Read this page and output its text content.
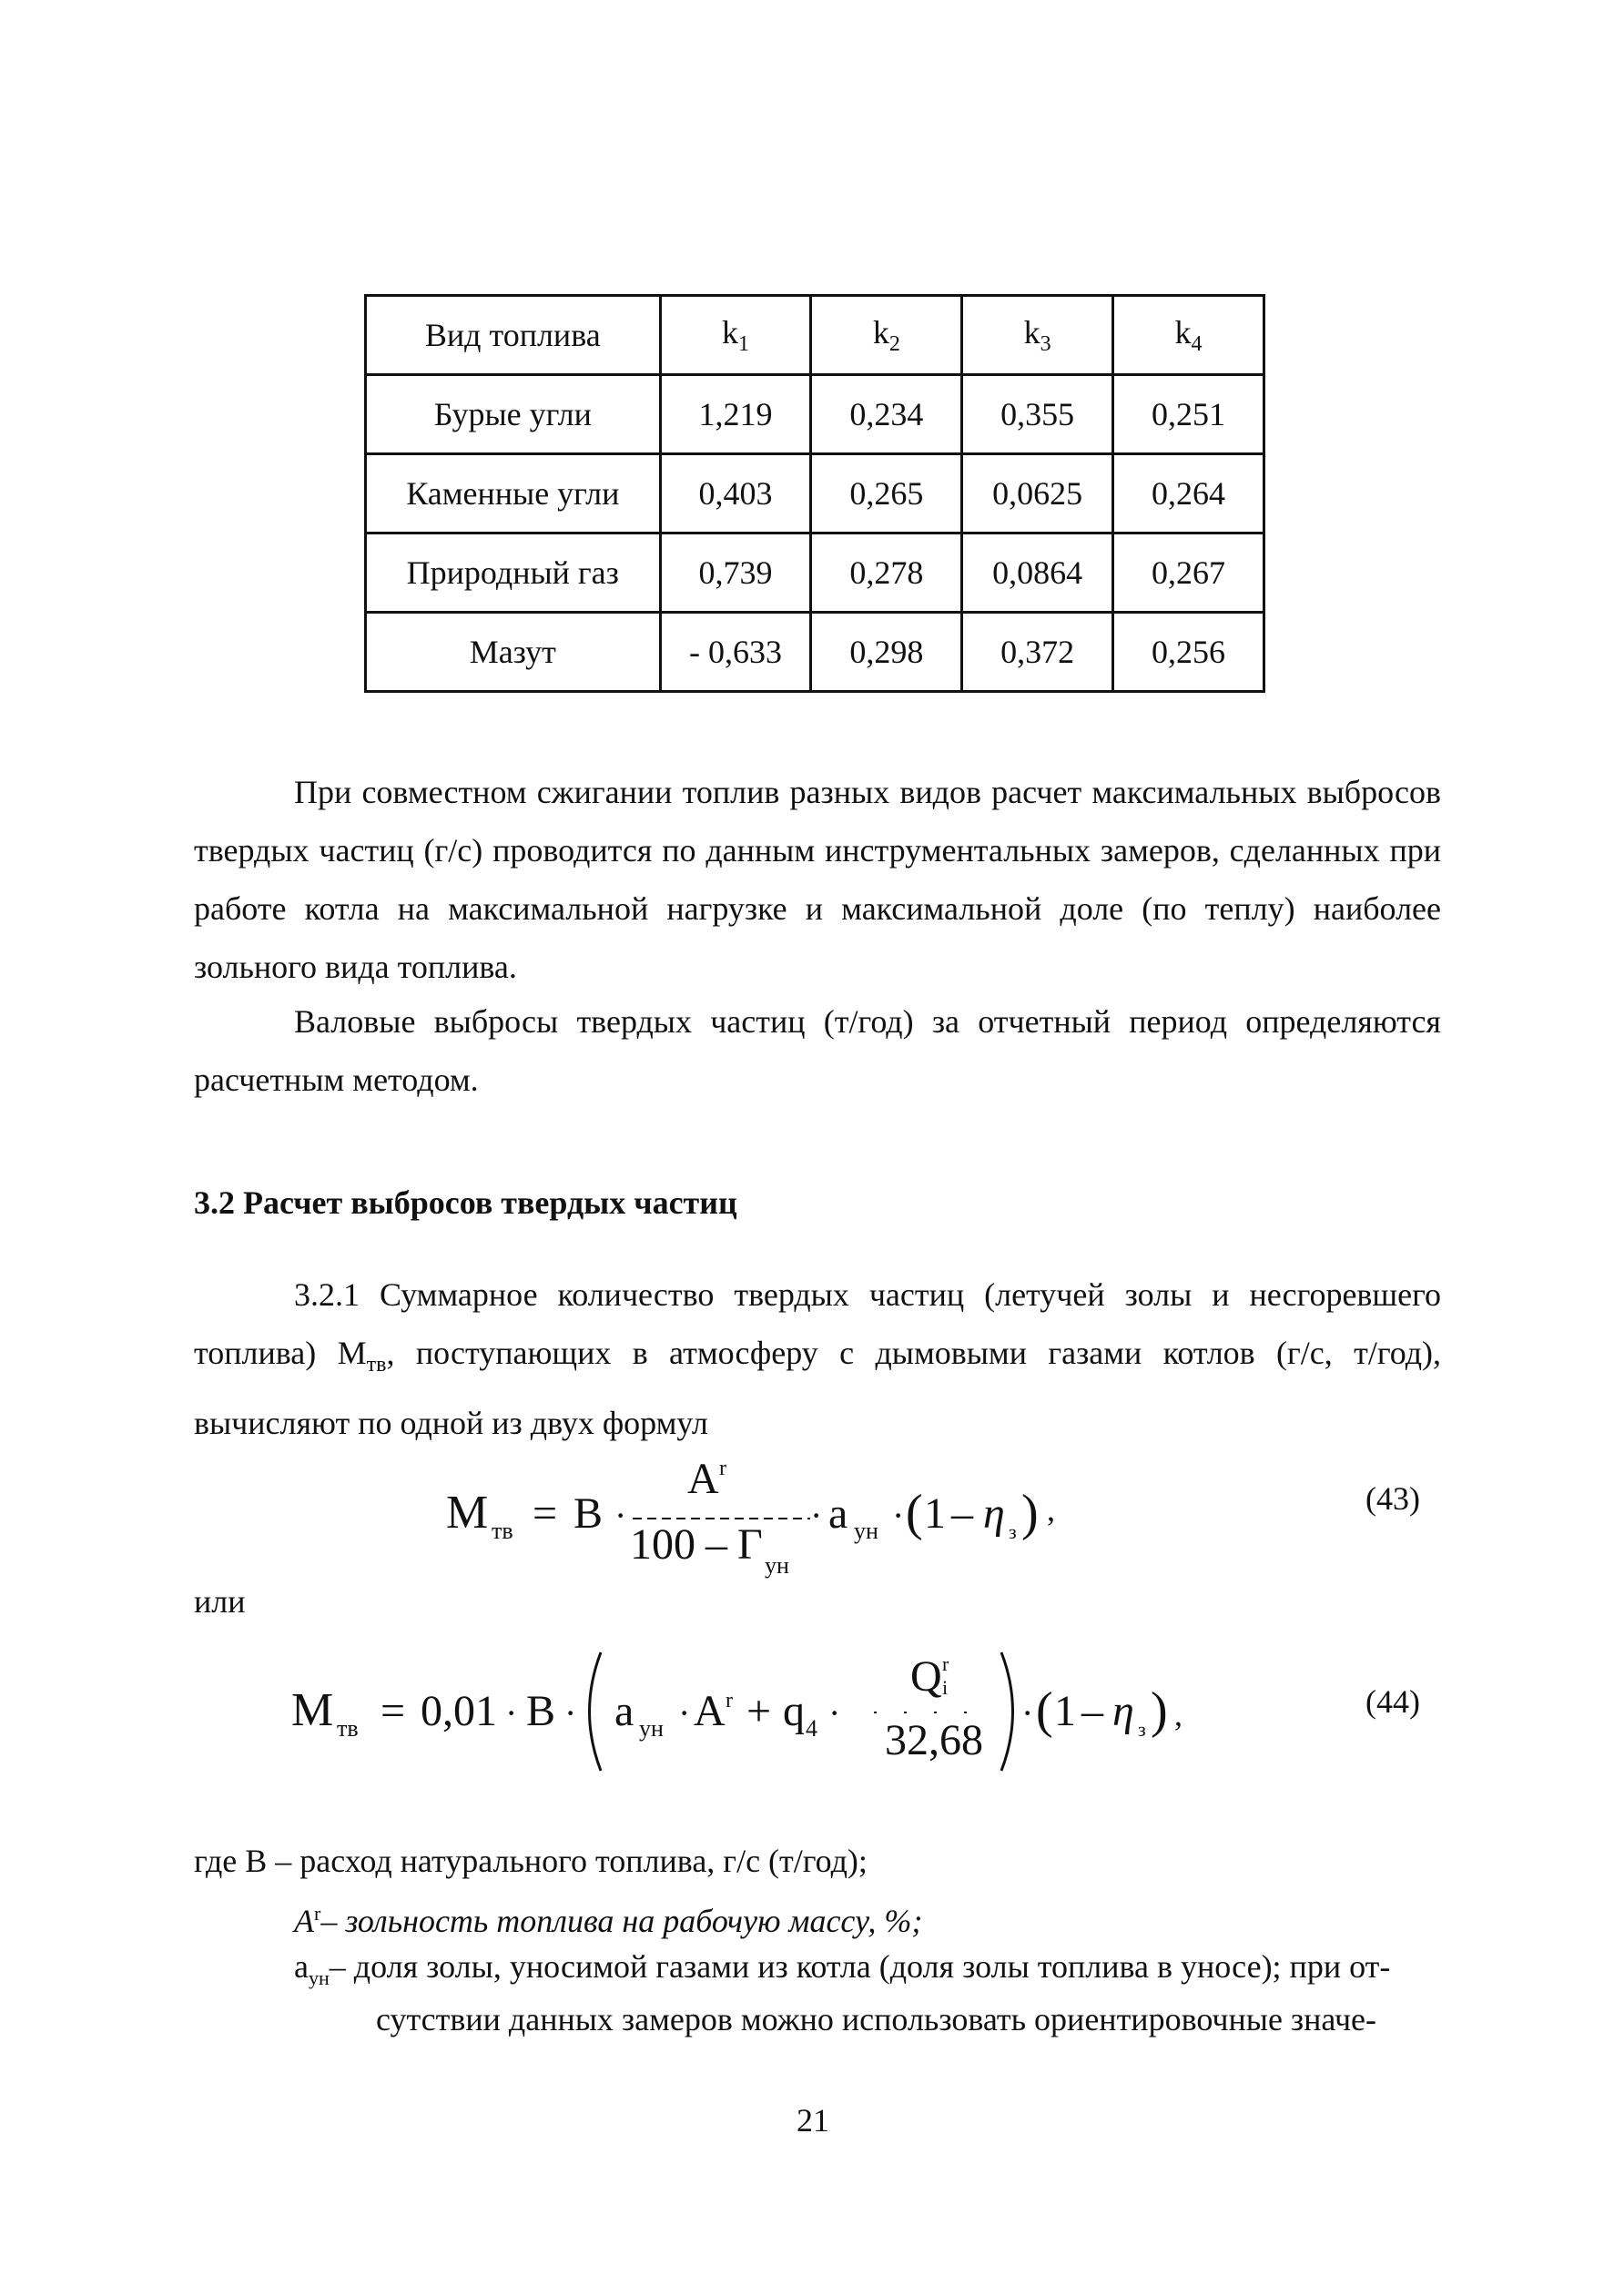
Вид топлива	$k_1$	$k_2$	$k_3$	$k_4$
Бурые угли	1,219	0,234	0,355	0,251
Каменные угли	0,403	0,265	0,0625	0,264
Природный газ	0,739	0,278	0,0864	0,267
Мазут	- 0,633	0,298	0,372	0,256

При совместном сжигании топлив разных видов расчет максимальных выбросов твердых частиц (г/с) проводится по данным инструментальных замеров, сделанных при работе котла на максимальной нагрузке и максимальной доле (по теплу) наиболее зольного вида топлива.

Валовые выбросы твердых частиц (т/год) за отчетный период определяются расчетным методом.

3.2 Расчет выбросов твердых частиц

3.2.1 Суммарное количество твердых частиц (летучей золы и несгоревшего топлива) $M_{тв}$, поступающих в атмосферу с дымовыми газами котлов (г/с, т/год), вычисляют по одной из двух формул

M тв = B ·
A r
100 – Γ ун
· a ун · ( 1 – η з ) ,	(43)
или
M тв = 0,01 · B · a ун · A r + q 4 ·
Q r
i
32,68
· ( 1 – η з ) ,	(44)

где B – расход натурального топлива, г/с (т/год);

$A^r-$ зольность топлива на рабочую массу, %;

$a_{ун}-$ доля золы, уносимой газами из котла (доля золы топлива в уносе); при от-

сутствии данных замеров можно использовать ориентировочные значе-

21
